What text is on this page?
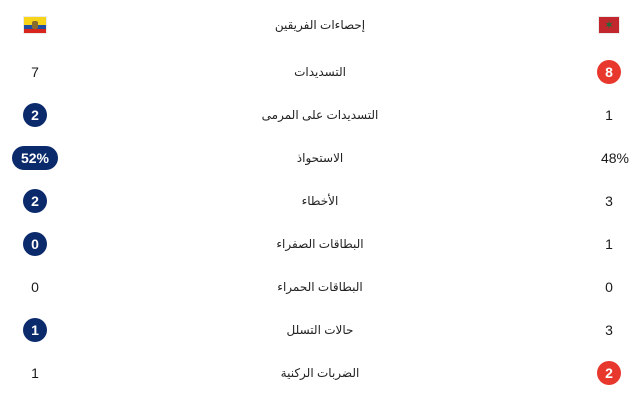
إحصاءات الفريقين	✶
7	التسديدات	8
2	التسديدات على المرمى	1
52%	الاستحواذ	48%
2	الأخطاء	3
0	البطاقات الصفراء	1
0	البطاقات الحمراء	0
1	حالات التسلل	3
1	الضربات الركنية	2
